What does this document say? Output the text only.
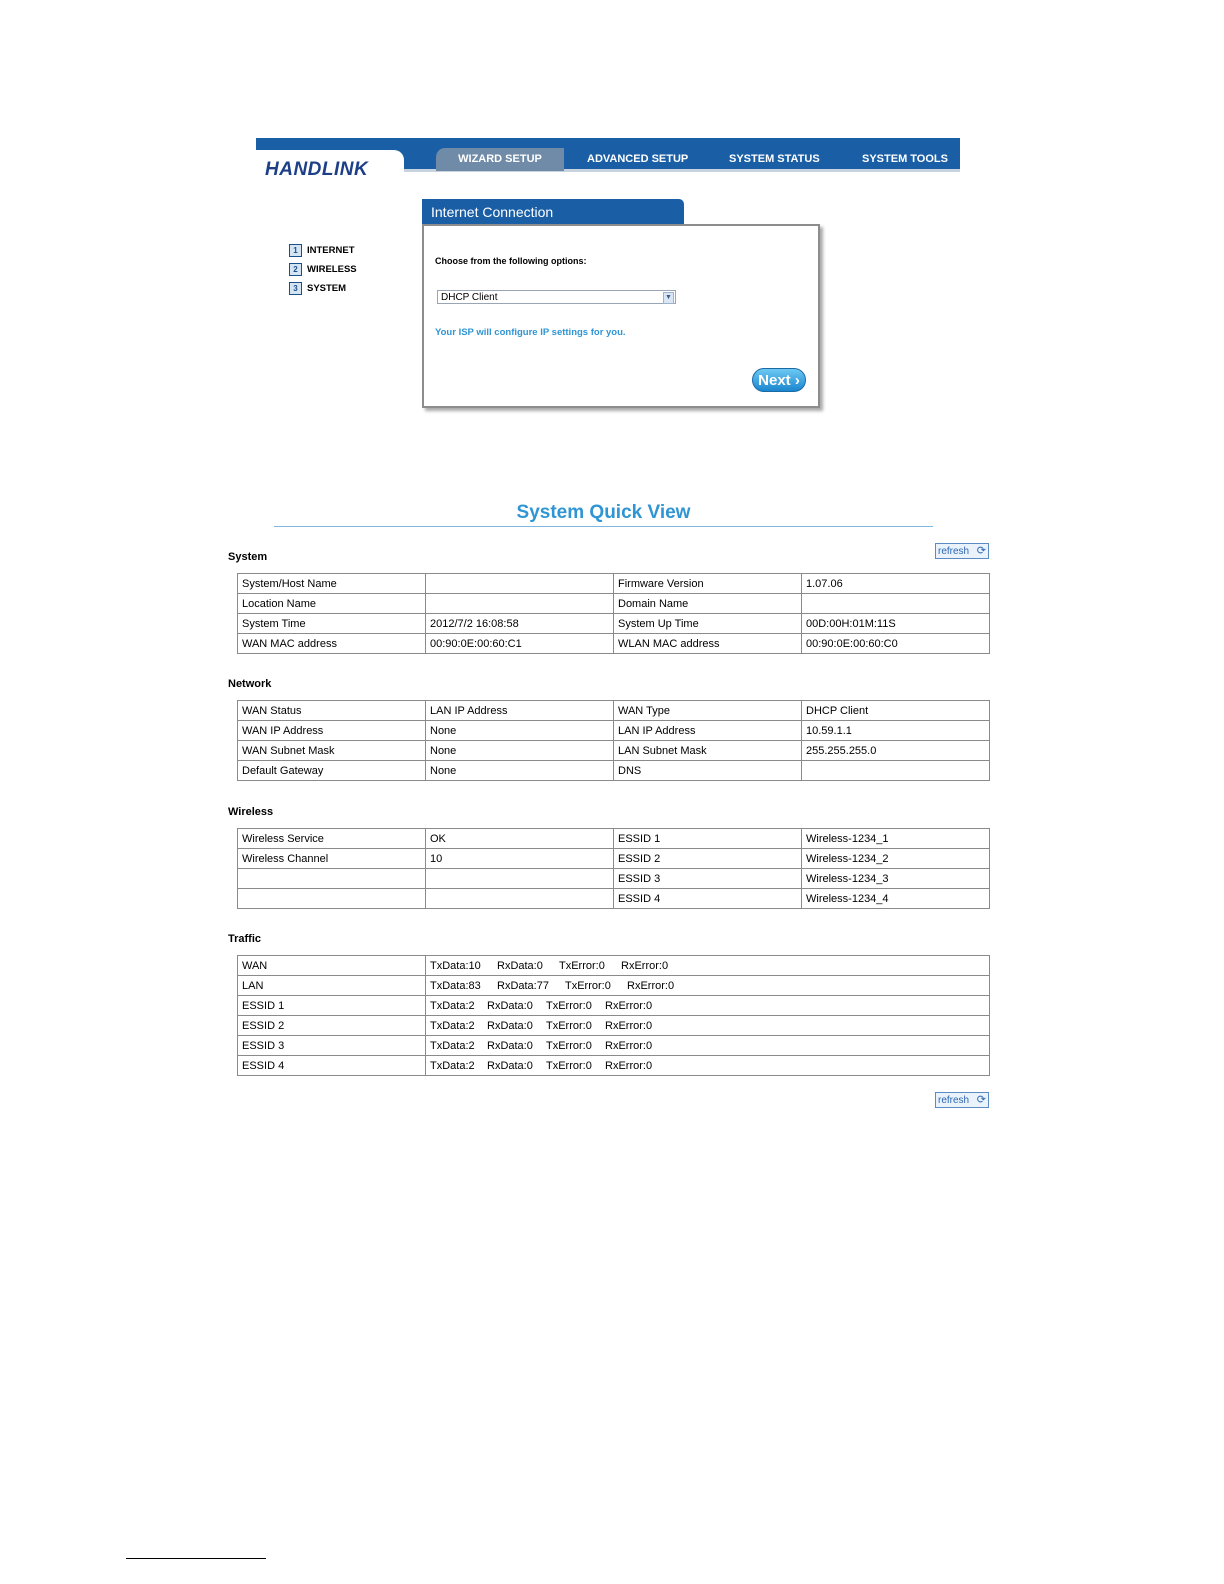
HANDLINK	WIZARD SETUP	ADVANCED SETUP	SYSTEM STATUS	SYSTEM TOOLS
1 INTERNET
2 WIRELESS
3 SYSTEM
Internet Connection
Choose from the following options:
DHCP Client	▼
Your ISP will configure IP settings for you.
Next ›
System Quick View
refresh ⟳
System
System/Host Name		Firmware Version	1.07.06
Location Name		Domain Name	
System Time	2012/7/2 16:08:58	System Up Time	00D:00H:01M:11S
WAN MAC address	00:90:0E:00:60:C1	WLAN MAC address	00:90:0E:00:60:C0
Network
WAN Status	LAN IP Address	WAN Type	DHCP Client
WAN IP Address	None	LAN IP Address	10.59.1.1
WAN Subnet Mask	None	LAN Subnet Mask	255.255.255.0
Default Gateway	None	DNS	
Wireless
Wireless Service	OK	ESSID 1	Wireless-1234_1
Wireless Channel	10	ESSID 2	Wireless-1234_2
		ESSID 3	Wireless-1234_3
		ESSID 4	Wireless-1234_4
Traffic
WAN	TxData:10 RxData:0 TxError:0 RxError:0
LAN	TxData:83 RxData:77 TxError:0 RxError:0
ESSID 1	TxData:2 RxData:0 TxError:0 RxError:0
ESSID 2	TxData:2 RxData:0 TxError:0 RxError:0
ESSID 3	TxData:2 RxData:0 TxError:0 RxError:0
ESSID 4	TxData:2 RxData:0 TxError:0 RxError:0
refresh ⟳
